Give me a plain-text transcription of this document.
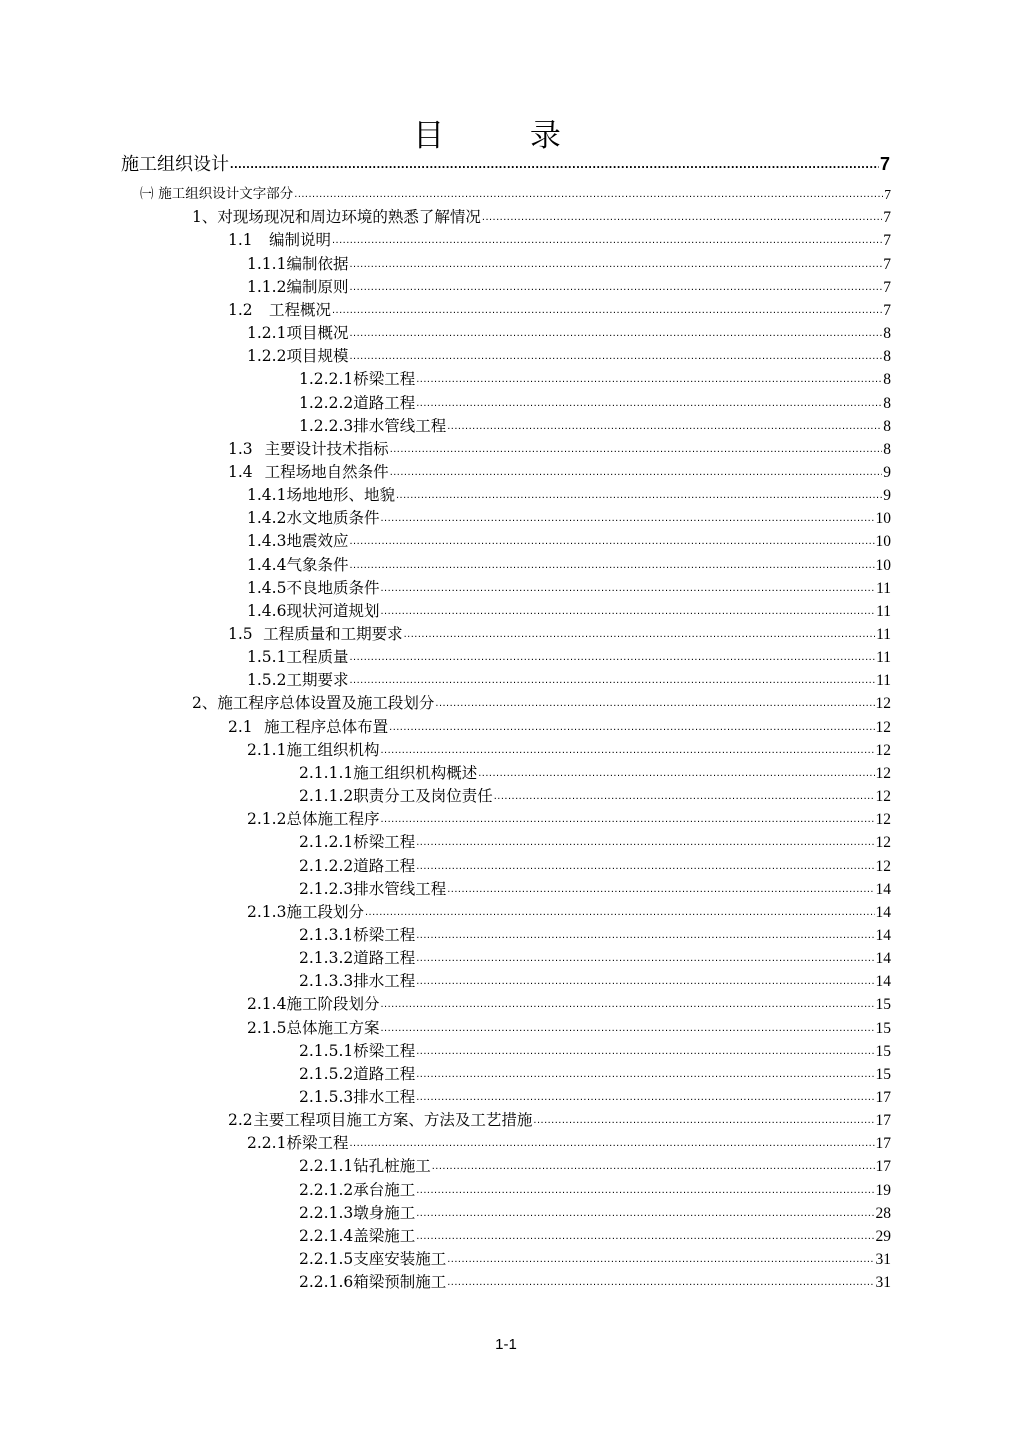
目 录
施工组织设计 .....	7
㈠ 施工组织设计文字部分 .....	7
1、 对现场现况和周边环境的熟悉了解情况 .....	7
1.1	编制说明 .....	7
1.1.1 编制依据 .....	7
1.1.2 编制原则 .....	7
1.2	工程概况 .....	7
1.2.1 项目概况 .....	8
1.2.2 项目规模 .....	8
1.2.2.1 桥梁工程 .....	8
1.2.2.2 道路工程 .....	8
1.2.2.3 排水管线工程 .....	8
1.3 主要设计技术指标 .....	8
1.4 工程场地自然条件 .....	9
1.4.1 场地地形、地貌 .....	9
1.4.2 水文地质条件 .....	10
1.4.3 地震效应 .....	10
1.4.4 气象条件 .....	10
1.4.5 不良地质条件 .....	11
1.4.6 现状河道规划 .....	11
1.5 工程质量和工期要求 .....	11
1.5.1 工程质量 .....	11
1.5.2 工期要求 .....	11
2、 施工程序总体设置及施工段划分 .....	12
2.1 施工程序总体布置 .....	12
2.1.1 施工组织机构 .....	12
2.1.1.1 施工组织机构概述 .....	12
2.1.1.2 职责分工及岗位责任 .....	12
2.1.2 总体施工程序 .....	12
2.1.2.1 桥梁工程 .....	12
2.1.2.2 道路工程 .....	12
2.1.2.3 排水管线工程 .....	14
2.1.3 施工段划分 .....	14
2.1.3.1 桥梁工程 .....	14
2.1.3.2 道路工程 .....	14
2.1.3.3 排水工程 .....	14
2.1.4 施工阶段划分 .....	15
2.1.5 总体施工方案 .....	15
2.1.5.1 桥梁工程 .....	15
2.1.5.2 道路工程 .....	15
2.1.5.3 排水工程 .....	17
2.2 主要工程项目施工方案、方法及工艺措施 .....	17
2.2.1 桥梁工程 .....	17
2.2.1.1 钻孔桩施工 .....	17
2.2.1.2 承台施工 .....	19
2.2.1.3 墩身施工 .....	28
2.2.1.4 盖梁施工 .....	29
2.2.1.5 支座安装施工 .....	31
2.2.1.6 箱梁预制施工 .....	31
1-1
